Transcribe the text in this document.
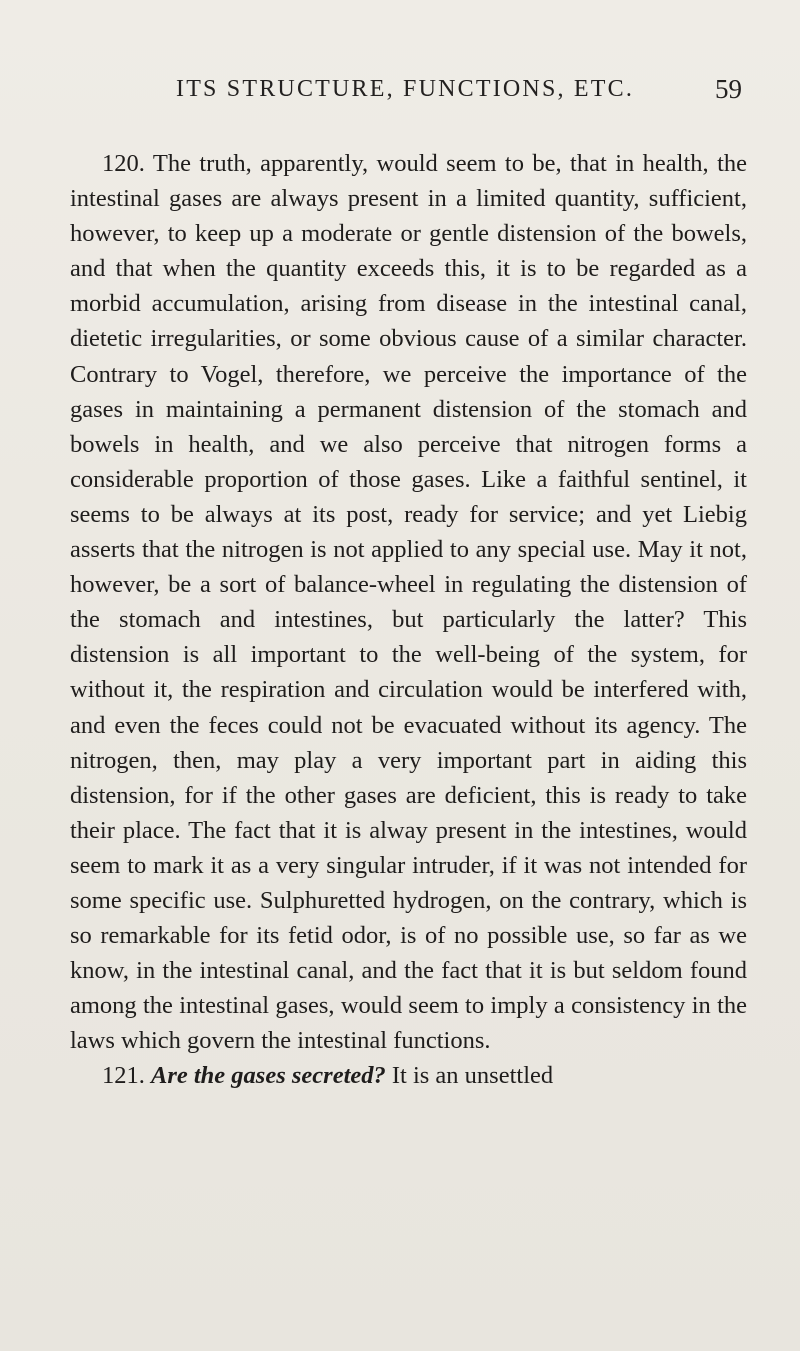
ITS STRUCTURE, FUNCTIONS, ETC.	59

120. The truth, apparently, would seem to be, that in health, the intestinal gases are always present in a limited quantity, sufficient, however, to keep up a moderate or gentle distension of the bowels, and that when the quantity exceeds this, it is to be regarded as a morbid accumulation, arising from disease in the intestinal canal, dietetic irregularities, or some obvious cause of a similar character. Contrary to Vogel, therefore, we perceive the importance of the gases in maintaining a permanent distension of the stomach and bowels in health, and we also perceive that nitrogen forms a considerable proportion of those gases. Like a faithful sentinel, it seems to be always at its post, ready for service; and yet Liebig asserts that the nitrogen is not applied to any special use. May it not, however, be a sort of balance-wheel in regulating the distension of the stomach and intestines, but particularly the latter? This distension is all important to the well-being of the system, for without it, the respiration and circulation would be interfered with, and even the feces could not be evacuated without its agency. The nitrogen, then, may play a very important part in aiding this distension, for if the other gases are deficient, this is ready to take their place. The fact that it is alway present in the intestines, would seem to mark it as a very singular intruder, if it was not intended for some specific use. Sulphuretted hydrogen, on the contrary, which is so remarkable for its fetid odor, is of no possible use, so far as we know, in the intestinal canal, and the fact that it is but seldom found among the intestinal gases, would seem to imply a consistency in the laws which govern the intestinal functions.

121. Are the gases secreted? It is an unsettled
